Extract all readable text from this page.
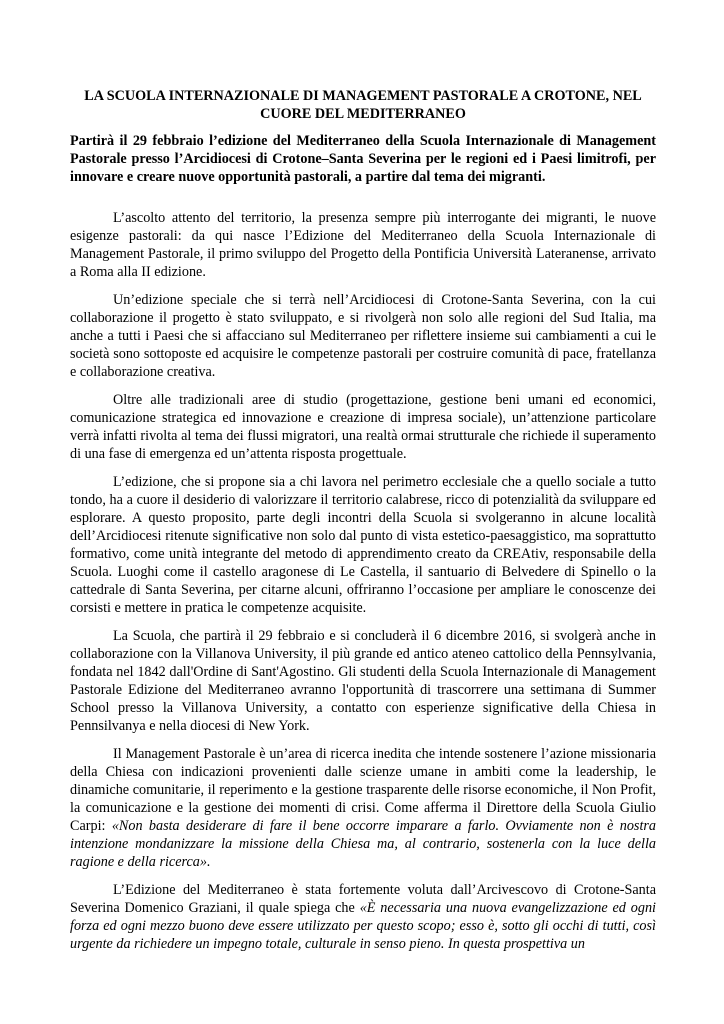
LA SCUOLA INTERNAZIONALE DI MANAGEMENT PASTORALE A CROTONE, NEL CUORE DEL MEDITERRANEO
Partirà il 29 febbraio l’edizione del Mediterraneo della Scuola Internazionale di Management Pastorale presso l’Arcidiocesi di Crotone–Santa Severina per le regioni ed i Paesi limitrofi, per innovare e creare nuove opportunità pastorali, a partire dal tema dei migranti.

L’ascolto attento del territorio, la presenza sempre più interrogante dei migranti, le nuove esigenze pastorali: da qui nasce l’Edizione del Mediterraneo della Scuola Internazionale di Management Pastorale, il primo sviluppo del Progetto della Pontificia Università Lateranense, arrivato a Roma alla II edizione.

Un’edizione speciale che si terrà nell’Arcidiocesi di Crotone-Santa Severina, con la cui collaborazione il progetto è stato sviluppato, e si rivolgerà non solo alle regioni del Sud Italia, ma anche a tutti i Paesi che si affacciano sul Mediterraneo per riflettere insieme sui cambiamenti a cui le società sono sottoposte ed acquisire le competenze pastorali per costruire comunità di pace, fratellanza e collaborazione creativa.

Oltre alle tradizionali aree di studio (progettazione, gestione beni umani ed economici, comunicazione strategica ed innovazione e creazione di impresa sociale), un’attenzione particolare verrà infatti rivolta al tema dei flussi migratori, una realtà ormai strutturale che richiede il superamento di una fase di emergenza ed un’attenta risposta progettuale.

L’edizione, che si propone sia a chi lavora nel perimetro ecclesiale che a quello sociale a tutto tondo, ha a cuore il desiderio di valorizzare il territorio calabrese, ricco di potenzialità da sviluppare ed esplorare. A questo proposito, parte degli incontri della Scuola si svolgeranno in alcune località dell’Arcidiocesi ritenute significative non solo dal punto di vista estetico-paesaggistico, ma soprattutto formativo, come unità integrante del metodo di apprendimento creato da CREAtiv, responsabile della Scuola. Luoghi come il castello aragonese di Le Castella, il santuario di Belvedere di Spinello o la cattedrale di Santa Severina, per citarne alcuni, offriranno l’occasione per ampliare le conoscenze dei corsisti e mettere in pratica le competenze acquisite.

La Scuola, che partirà il 29 febbraio e si concluderà il 6 dicembre 2016, si svolgerà anche in collaborazione con la Villanova University, il più grande ed antico ateneo cattolico della Pennsylvania, fondata nel 1842 dall'Ordine di Sant'Agostino. Gli studenti della Scuola Internazionale di Management Pastorale Edizione del Mediterraneo avranno l'opportunità di trascorrere una settimana di Summer School presso la Villanova University, a contatto con esperienze significative della Chiesa in Pennsilvanya e nella diocesi di New York.

Il Management Pastorale è un’area di ricerca inedita che intende sostenere l’azione missionaria della Chiesa con indicazioni provenienti dalle scienze umane in ambiti come la leadership, le dinamiche comunitarie, il reperimento e la gestione trasparente delle risorse economiche, il Non Profit, la comunicazione e la gestione dei momenti di crisi. Come afferma il Direttore della Scuola Giulio Carpi: «Non basta desiderare di fare il bene occorre imparare a farlo. Ovviamente non è nostra intenzione mondanizzare la missione della Chiesa ma, al contrario, sostenerla con la luce della ragione e della ricerca».

L’Edizione del Mediterraneo è stata fortemente voluta dall’Arcivescovo di Crotone-Santa Severina Domenico Graziani, il quale spiega che «È necessaria una nuova evangelizzazione ed ogni forza ed ogni mezzo buono deve essere utilizzato per questo scopo; esso è, sotto gli occhi di tutti, così urgente da richiedere un impegno totale, culturale in senso pieno. In questa prospettiva un
